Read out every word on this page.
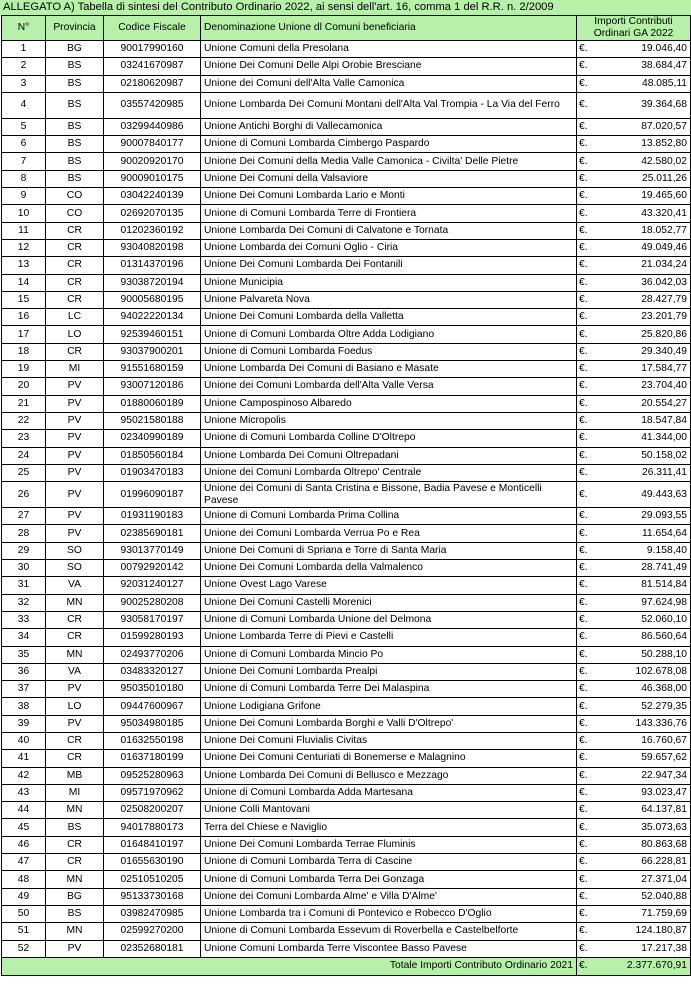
ALLEGATO A) Tabella di sintesi del Contributo Ordinario 2022, ai sensi dell'art. 16, comma 1 del R.R. n. 2/2009
N°	Provincia	Codice Fiscale	Denominazione Unione dl Comuni beneficiaria	Importi Contributi Ordinari GA 2022	
1	BG	90017990160	Unione Comuni della Presolana	€.	19.046,40
2	BS	03241670987	Unione Dei Comuni Delle Alpi Orobie Bresciane	€.	38.684,47
3	BS	02180620987	Unione dei Comuni dell'Alta Valle Camonica	€.	48.085,11
4	BS	03557420985	Unione Lombarda Dei Comuni Montani dell'Alta Val Trompia - La Via del Ferro	€.	39.364,68
5	BS	03299440986	Unione Antichi Borghi di Vallecamonica	€.	87.020,57
6	BS	90007840177	Unione di Comuni Lombarda Cimbergo Paspardo	€.	13.852,80
7	BS	90020920170	Unione Dei Comuni della Media Valle Camonica - Civilta' Delle Pietre	€.	42.580,02
8	BS	90009010175	Unione Dei Comuni della Valsaviore	€.	25.011,26
9	CO	03042240139	Unione Dei Comuni Lombarda Lario e Monti	€.	19.465,60
10	CO	02692070135	Unione di Comuni Lombarda Terre di Frontiera	€.	43.320,41
11	CR	01202360192	Unione Lombarda Dei Comuni di Calvatone e Tornata	€.	18.052,77
12	CR	93040820198	Unione Lombarda dei Comuni Oglio - Ciria	€.	49.049,46
13	CR	01314370196	Unione Dei Comuni Lombarda Dei Fontanili	€.	21.034,24
14	CR	93038720194	Unione Municipia	€.	36.042,03
15	CR	90005680195	Unione Palvareta Nova	€.	28.427,79
16	LC	94022220134	Unione Dei Comuni Lombarda della Valletta	€.	23.201,79
17	LO	92539460151	Unione di Comuni Lombarda Oltre Adda Lodigiano	€.	25.820,86
18	CR	93037900201	Unione di Comuni Lombarda Foedus	€.	29.340,49
19	MI	91551680159	Unione Lombarda Dei Comuni di Basiano e Masate	€.	17.584,77
20	PV	93007120186	Unione dei Comuni Lombarda dell'Alta Valle Versa	€.	23.704,40
21	PV	01880060189	Unione Campospinoso Albaredo	€.	20.554,27
22	PV	95021580188	Unione Micropolis	€.	18.547,84
23	PV	02340990189	Unione di Comuni Lombarda Colline D'Oltrepo	€.	41.344,00
24	PV	01850560184	Unione Lombarda Dei Comuni Oltrepadani	€.	50.158,02
25	PV	01903470183	Unione dei Comuni Lombarda Oltrepo' Centrale	€.	26.311,41
26	PV	01996090187	Unione dei Comuni di Santa Cristina e Bissone, Badia Pavese e Monticelli Pavese	€.	49.443,63
27	PV	01931190183	Unione di Comuni Lombarda Prima Collina	€.	29.093,55
28	PV	02385690181	Unione dei Comuni Lombarda Verrua Po e Rea	€.	11.654,64
29	SO	93013770149	Unione Dei Comuni di Spriana e Torre di Santa Maria	€.	9.158,40
30	SO	00792920142	Unione Dei Comuni Lombarda della Valmalenco	€.	28.741,49
31	VA	92031240127	Unione Ovest Lago Varese	€.	81.514,84
32	MN	90025280208	Unione Dei Comuni Castelli Morenici	€.	97.624,98
33	CR	93058170197	Unione di Comuni Lombarda Unione del Delmona	€.	52.060,10
34	CR	01599280193	Unione Lombarda Terre di Pievi e Castelli	€.	86.560,64
35	MN	02493770206	Unione di Comuni Lombarda Mincio Po	€.	50.288,10
36	VA	03483320127	Unione Dei Comuni Lombarda Prealpi	€.	102.678,08
37	PV	95035010180	Unione di Comuni Lombarda Terre Dei Malaspina	€.	46.368,00
38	LO	09447600967	Unione Lodigiana Grifone	€.	52.279,35
39	PV	95034980185	Unione Dei Comuni Lombarda Borghi e Valli D'Oltrepo'	€.	143.336,76
40	CR	01632550198	Unione Dei Comuni Fluvialis Civitas	€.	16.760,67
41	CR	01637180199	Unione Dei Comuni Centuriati di Bonemerse e Malagnino	€.	59.657,62
42	MB	09525280963	Unione Lombarda Dei Comuni di Bellusco e Mezzago	€.	22.947,34
43	MI	09571970962	Unione di Comuni Lombarda Adda Martesana	€.	93.023,47
44	MN	02508200207	Unione Colli Mantovani	€.	64.137,81
45	BS	94017880173	Terra del Chiese e Naviglio	€.	35.073,63
46	CR	01648410197	Unione Dei Comuni Lombarda Terrae Fluminis	€.	80.863,68
47	CR	01655630190	Unione di Comuni Lombarda Terra di Cascine	€.	66.228,81
48	MN	02510510205	Unione di Comuni Lombarda Terra Dei Gonzaga	€.	27.371,04
49	BG	95133730168	Unione dei Comuni Lombarda Alme' e Villa D'Alme'	€.	52.040,88
50	BS	03982470985	Unione Lombarda tra i Comuni di Pontevico e Robecco D'Oglio	€.	71.759,69
51	MN	02599270200	Unione di Comuni Lombarda Essevum di Roverbella e Castelbelforte	€.	124.180,87
52	PV	02352680181	Unione Comuni Lombarda Terre Viscontee Basso Pavese	€.	17.217,38
Totale Importi Contributo Ordinario 2021				€.	2.377.670,91
